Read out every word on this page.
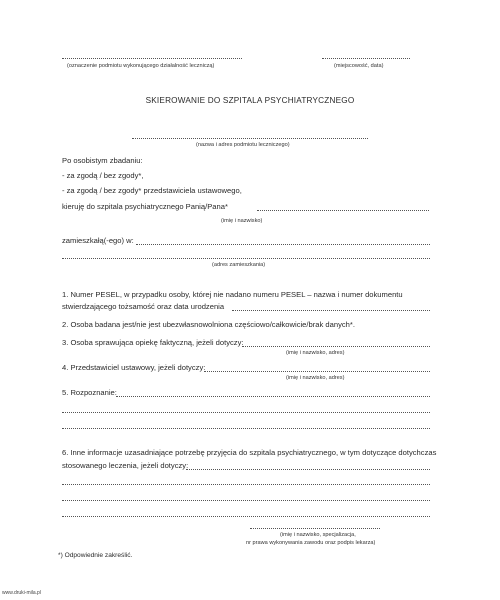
(oznaczenie podmiotu wykonującego działalność leczniczą)	(miejscowość, data)
SKIEROWANIE DO SZPITALA PSYCHIATRYCZNEGO
(nazwa i adres podmiotu leczniczego)
Po osobistym zbadaniu:
- za zgodą / bez zgody*,
- za zgodą / bez zgody* przedstawiciela ustawowego,
kieruję do szpitala psychiatrycznego Panią/Pana*
(imię i nazwisko)
zamieszkałą(-ego) w:
(adres zamieszkania)
1. Numer PESEL, w przypadku osoby, której nie nadano numeru PESEL – nazwa i numer dokumentu
stwierdzającego tożsamość oraz data urodzenia
2. Osoba badana jest/nie jest ubezwłasnowolniona częściowo/całkowicie/brak danych*.
3. Osoba sprawująca opiekę faktyczną, jeżeli dotyczy:
(imię i nazwisko, adres)
4. Przedstawiciel ustawowy, jeżeli dotyczy:
(imię i nazwisko, adres)
5. Rozpoznanie:
6. Inne informacje uzasadniające potrzebę przyjęcia do szpitala psychiatrycznego, w tym dotyczące dotychczas
stosowanego leczenia, jeżeli dotyczy:
(imię i nazwisko, specjalizacja,
nr prawa wykonywania zawodu oraz podpis lekarza)
*) Odpowiednie zakreślić.
www.druki-mila.pl
